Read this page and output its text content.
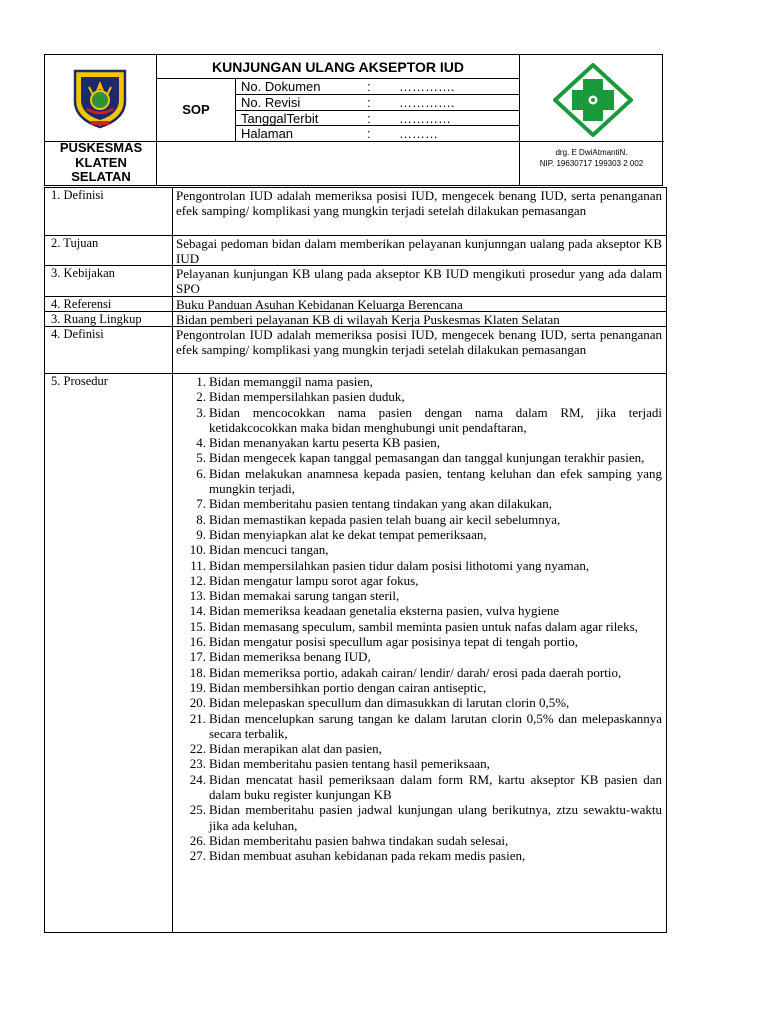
KUNJUNGAN ULANG AKSEPTOR IUD
SOP
No. Dokumen	: ………….
No. Revisi	: ………….
TanggalTerbit	: …………
Halaman	: ………
PUSKESMAS
KLATEN
SELATAN
drg. E DwiAtmantiN.
NIP. 19630717 199303 2 002
1. Definisi	Pengontrolan IUD adalah memeriksa posisi IUD, mengecek benang IUD, serta penanganan efek samping/ komplikasi yang mungkin terjadi setelah dilakukan pemasangan
2. Tujuan	Sebagai pedoman bidan dalam memberikan pelayanan kunjunngan ualang pada akseptor KB IUD
3. Kebijakan	Pelayanan kunjungan KB ulang pada akseptor KB IUD mengikuti prosedur yang ada dalam SPO
4. Referensi	Buku Panduan Asuhan Kebidanan Keluarga Berencana
3. Ruang Lingkup	Bidan pemberi pelayanan KB di wilayah Kerja Puskesmas Klaten Selatan
4. Definisi	Pengontrolan IUD adalah memeriksa posisi IUD, mengecek benang IUD, serta penanganan efek samping/ komplikasi yang mungkin terjadi setelah dilakukan pemasangan
5. Prosedur	1. Bidan memanggil nama pasien,
2. Bidan mempersilahkan pasien duduk,
3. Bidan mencocokkan nama pasien dengan nama dalam RM, jika terjadi ketidakcocokkan maka bidan menghubungi unit pendaftaran,
4. Bidan menanyakan kartu peserta KB pasien,
5. Bidan mengecek kapan tanggal pemasangan dan tanggal kunjungan terakhir pasien,
6. Bidan melakukan anamnesa kepada pasien, tentang keluhan dan efek samping yang mungkin terjadi,
7. Bidan memberitahu pasien tentang tindakan yang akan dilakukan,
8. Bidan memastikan kepada pasien telah buang air kecil sebelumnya,
9. Bidan menyiapkan alat ke dekat tempat pemeriksaan,
10. Bidan mencuci tangan,
11. Bidan mempersilahkan pasien tidur dalam posisi lithotomi yang nyaman,
12. Bidan mengatur lampu sorot agar fokus,
13. Bidan memakai sarung tangan steril,
14. Bidan memeriksa keadaan genetalia eksterna pasien, vulva hygiene
15. Bidan memasang speculum, sambil meminta pasien untuk nafas dalam agar rileks,
16. Bidan mengatur posisi specullum agar posisinya tepat di tengah portio,
17. Bidan memeriksa benang IUD,
18. Bidan memeriksa portio, adakah cairan/ lendir/ darah/ erosi pada daerah portio,
19. Bidan membersihkan portio dengan cairan antiseptic,
20. Bidan melepaskan specullum dan dimasukkan di larutan clorin 0,5%,
21. Bidan mencelupkan sarung tangan ke dalam larutan clorin 0,5% dan melepaskannya secara terbalik,
22. Bidan merapikan alat dan pasien,
23. Bidan memberitahu pasien tentang hasil pemeriksaan,
24. Bidan mencatat hasil pemeriksaan dalam form RM, kartu akseptor KB pasien dan dalam buku register kunjungan KB
25. Bidan memberitahu pasien jadwal kunjungan ulang berikutnya, ztzu sewaktu-waktu jika ada keluhan,
26. Bidan memberitahu pasien bahwa tindakan sudah selesai,
27. Bidan membuat asuhan kebidanan pada rekam medis pasien,
